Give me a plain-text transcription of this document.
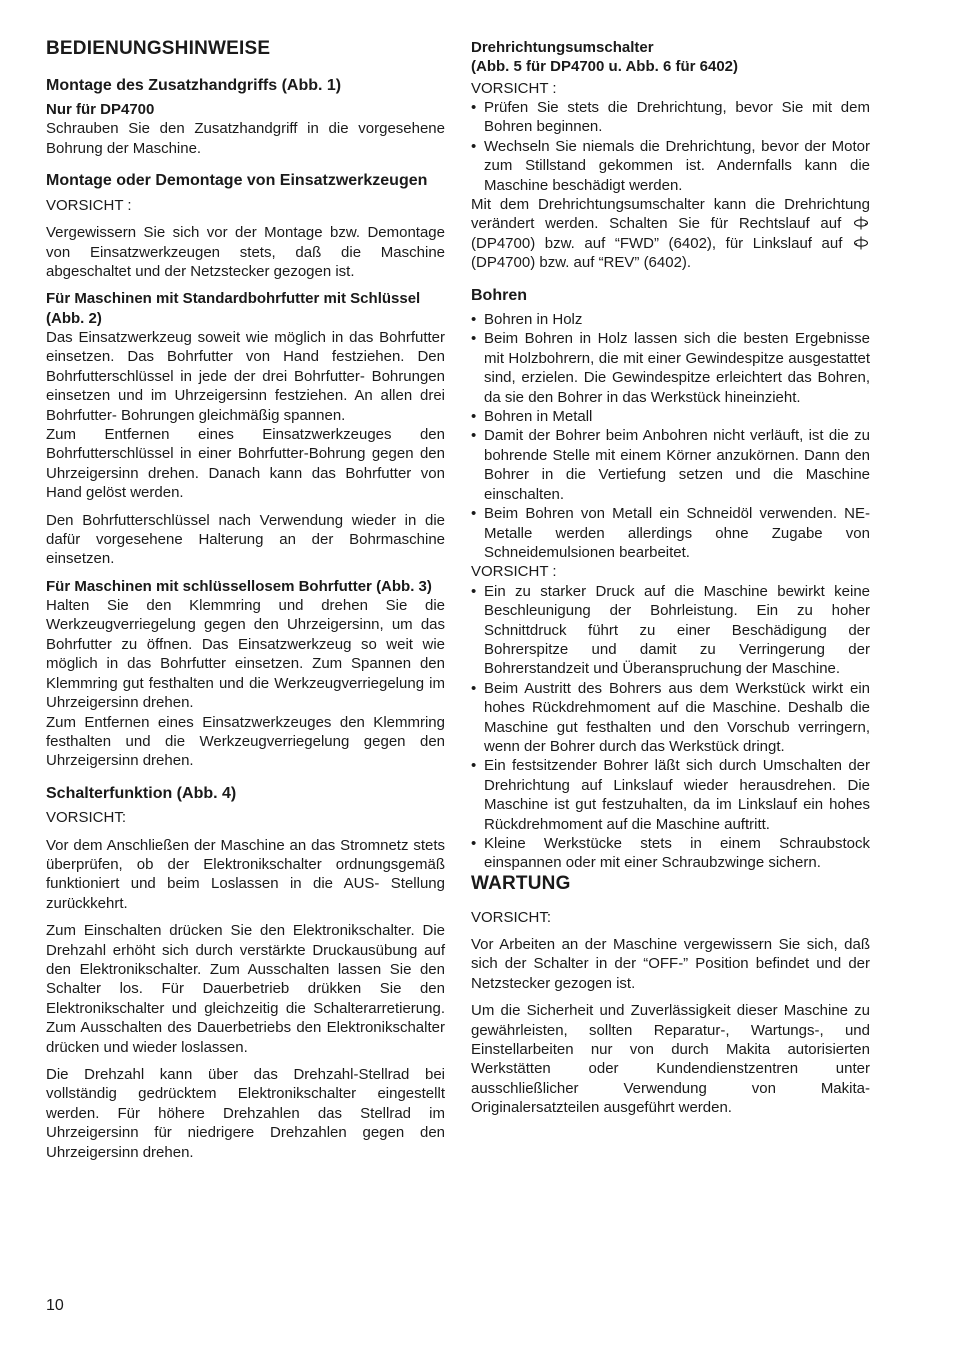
BEDIENUNGSHINWEISE
Montage des Zusatzhandgriffs (Abb. 1)
Nur für DP4700

Schrauben Sie den Zusatzhandgriff in die vorgesehene Bohrung der Maschine.

Montage oder Demontage von Einsatzwerkzeugen

VORSICHT :

Vergewissern Sie sich vor der Montage bzw. Demontage von Einsatzwerkzeugen stets, daß die Maschine abgeschaltet und der Netzstecker gezogen ist.

Für Maschinen mit Standardbohrfutter mit Schlüssel (Abb. 2)

Das Einsatzwerkzeug soweit wie möglich in das Bohrfutter einsetzen. Das Bohrfutter von Hand festziehen. Den Bohrfutterschlüssel in jede der drei Bohrfutter- Bohrungen einsetzen und im Uhrzeigersinn festziehen. An allen drei Bohrfutter- Bohrungen gleichmäßig spannen.

Zum Entfernen eines Einsatzwerkzeuges den Bohrfutterschlüssel in einer Bohrfutter-Bohrung gegen den Uhrzeigersinn drehen. Danach kann das Bohrfutter von Hand gelöst werden.

Den Bohrfutterschlüssel nach Verwendung wieder in die dafür vorgesehene Halterung an der Bohrmaschine einsetzen.

Für Maschinen mit schlüssellosem Bohrfutter (Abb. 3)

Halten Sie den Klemmring und drehen Sie die Werkzeugverriegelung gegen den Uhrzeigersinn, um das Bohrfutter zu öffnen. Das Einsatzwerkzeug so weit wie möglich in das Bohrfutter einsetzen. Zum Spannen den Klemmring gut festhalten und die Werkzeugverriegelung im Uhrzeigersinn drehen.

Zum Entfernen eines Einsatzwerkzeuges den Klemmring festhalten und die Werkzeugverriegelung gegen den Uhrzeigersinn drehen.

Schalterfunktion (Abb. 4)

VORSICHT:

Vor dem Anschließen der Maschine an das Stromnetz stets überprüfen, ob der Elektronikschalter ordnungsgemäß funktioniert und beim Loslassen in die AUS- Stellung zurückkehrt.

Zum Einschalten drücken Sie den Elektronikschalter. Die Drehzahl erhöht sich durch verstärkte Druckausübung auf den Elektronikschalter. Zum Ausschalten lassen Sie den Schalter los. Für Dauerbetrieb drükken Sie den Elektronikschalter und gleichzeitig die Schalterarretierung. Zum Ausschalten des Dauerbetriebs den Elektronikschalter drücken und wieder loslassen.

Die Drehzahl kann über das Drehzahl-Stellrad bei vollständig gedrücktem Elektronikschalter eingestellt werden. Für höhere Drehzahlen das Stellrad im Uhrzeigersinn für niedrigere Drehzahlen gegen den Uhrzeigersinn drehen.

Drehrichtungsumschalter
(Abb. 5 für DP4700 u. Abb. 6 für 6402)

VORSICHT :

• Prüfen Sie stets die Drehrichtung, bevor Sie mit dem Bohren beginnen.
• Wechseln Sie niemals die Drehrichtung, bevor der Motor zum Stillstand gekommen ist. Andernfalls kann die Maschine beschädigt werden.

Mit dem Drehrichtungsumschalter kann die Drehrichtung verändert werden. Schalten Sie für Rechtslauf auf  (DP4700) bzw. auf “FWD” (6402), für Linkslauf auf  (DP4700) bzw. auf “REV” (6402).

Bohren
• Bohren in Holz
• Beim Bohren in Holz lassen sich die besten Ergebnisse mit Holzbohrern, die mit einer Gewindespitze ausgestattet sind, erzielen. Die Gewindespitze erleichtert das Bohren, da sie den Bohrer in das Werkstück hineinzieht.
• Bohren in Metall
• Damit der Bohrer beim Anbohren nicht verläuft, ist die zu bohrende Stelle mit einem Körner anzukörnen. Dann den Bohrer in die Vertiefung setzen und die Maschine einschalten.
• Beim Bohren von Metall ein Schneidöl verwenden. NE-Metalle werden allerdings ohne Zugabe von Schneidemulsionen bearbeitet.

VORSICHT :

• Ein zu starker Druck auf die Maschine bewirkt keine Beschleunigung der Bohrleistung. Ein zu hoher Schnittdruck führt zu einer Beschädigung der Bohrerspitze und damit zu Verringerung der Bohrerstandzeit und Überanspruchung der Maschine.
• Beim Austritt des Bohrers aus dem Werkstück wirkt ein hohes Rückdrehmoment auf die Maschine. Deshalb die Maschine gut festhalten und den Vorschub verringern, wenn der Bohrer durch das Werkstück dringt.
• Ein festsitzender Bohrer läßt sich durch Umschalten der Drehrichtung auf Linkslauf wieder herausdrehen. Die Maschine ist gut festzuhalten, da im Linkslauf ein hohes Rückdrehmoment auf die Maschine auftritt.
• Kleine Werkstücke stets in einem Schraubstock einspannen oder mit einer Schraubzwinge sichern.
WARTUNG

VORSICHT:

Vor Arbeiten an der Maschine vergewissern Sie sich, daß sich der Schalter in der “OFF-” Position befindet und der Netzstecker gezogen ist.

Um die Sicherheit und Zuverlässigkeit dieser Maschine zu gewährleisten, sollten Reparatur-, Wartungs-, und Einstellarbeiten nur von durch Makita autorisierten Werkstätten oder Kundendienstzentren unter ausschließlicher Verwendung von Makita-Originalersatzteilen ausgeführt werden.

10
